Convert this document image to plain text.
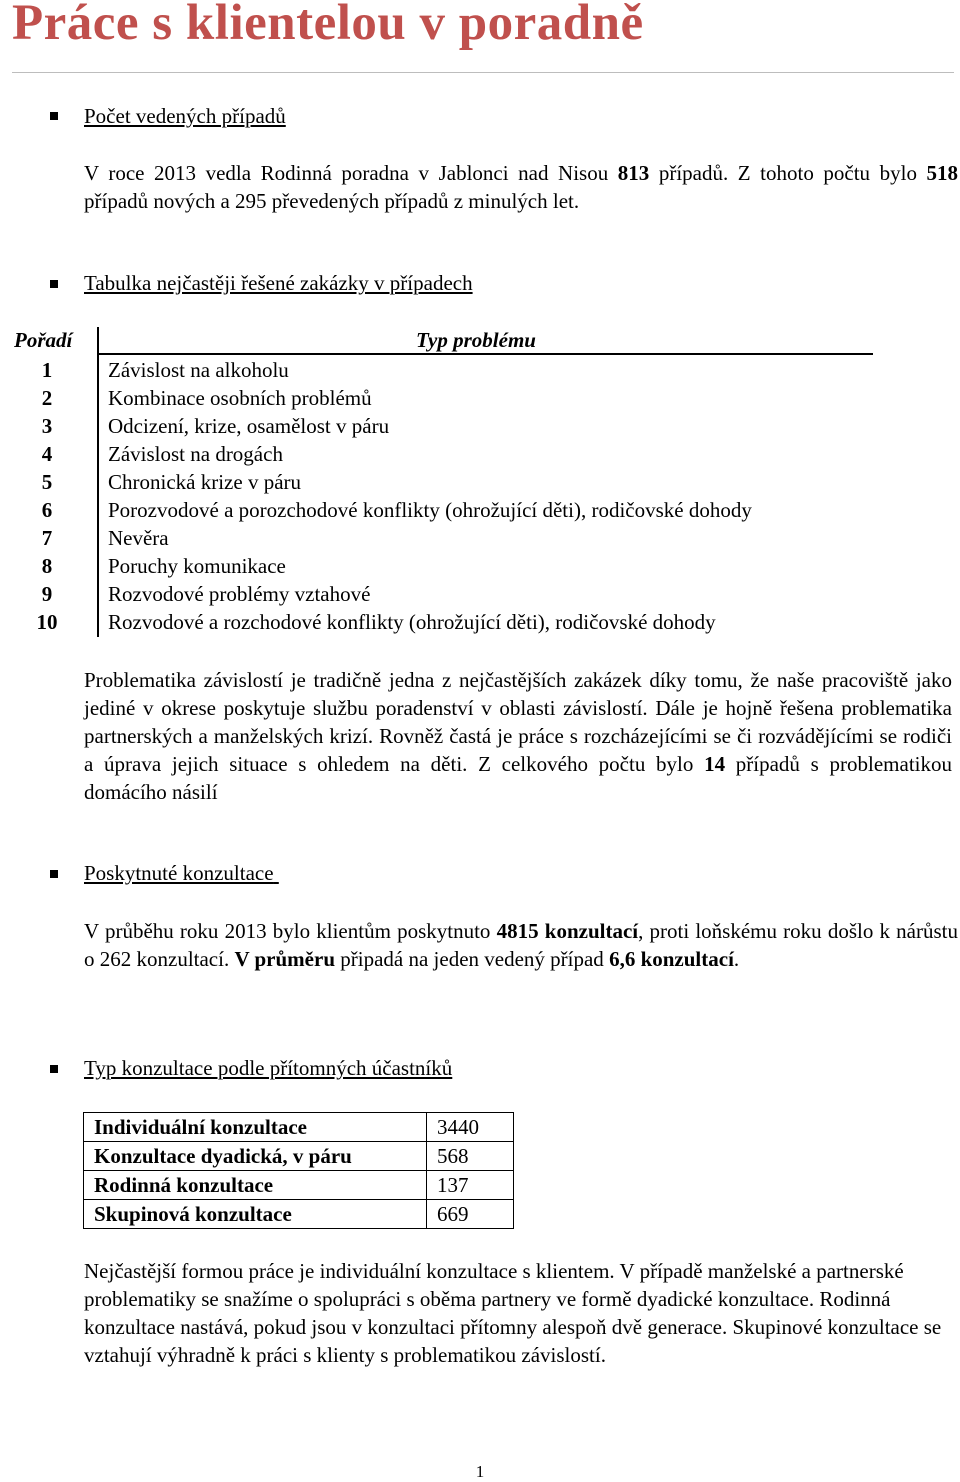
Práce s klientelou v poradně
Počet vedených případů
V roce 2013 vedla Rodinná poradna v Jablonci nad Nisou 813 případů. Z tohoto počtu bylo 518 případů nových a 295 převedených případů z minulých let.
Tabulka nejčastěji řešené zakázky v případech
Pořadí	Typ problému
1	Závislost na alkoholu
2	Kombinace osobních problémů
3	Odcizení, krize, osamělost v páru
4	Závislost na drogách
5	Chronická krize v páru
6	Porozvodové a porozchodové konflikty (ohrožující děti), rodičovské dohody
7	Nevěra
8	Poruchy komunikace
9	Rozvodové problémy vztahové
10	Rozvodové a rozchodové konflikty (ohrožující děti), rodičovské dohody
Problematika závislostí je tradičně jedna z nejčastějších zakázek díky tomu, že naše pracoviště jako jediné v okrese poskytuje službu poradenství v oblasti závislostí. Dále je hojně řešena problematika partnerských a manželských krizí. Rovněž častá je práce s rozcházejícími se či rozvádějícími se rodiči a úprava jejich situace s ohledem na děti. Z celkového počtu bylo 14 případů s problematikou domácího násilí
Poskytnuté konzultace
V průběhu roku 2013 bylo klientům poskytnuto 4815 konzultací, proti loňskému roku došlo k nárůstu o 262 konzultací. V průměru připadá na jeden vedený případ 6,6 konzultací.
Typ konzultace podle přítomných účastníků
Individuální konzultace	3440
Konzultace dyadická, v páru	568
Rodinná konzultace	137
Skupinová konzultace	669
Nejčastější formou práce je individuální konzultace s klientem. V případě manželské a partnerské problematiky se snažíme o spolupráci s oběma partnery ve formě dyadické konzultace. Rodinná konzultace nastává, pokud jsou v konzultaci přítomny alespoň dvě generace. Skupinové konzultace se vztahují výhradně k práci s klienty s problematikou závislostí.
1
